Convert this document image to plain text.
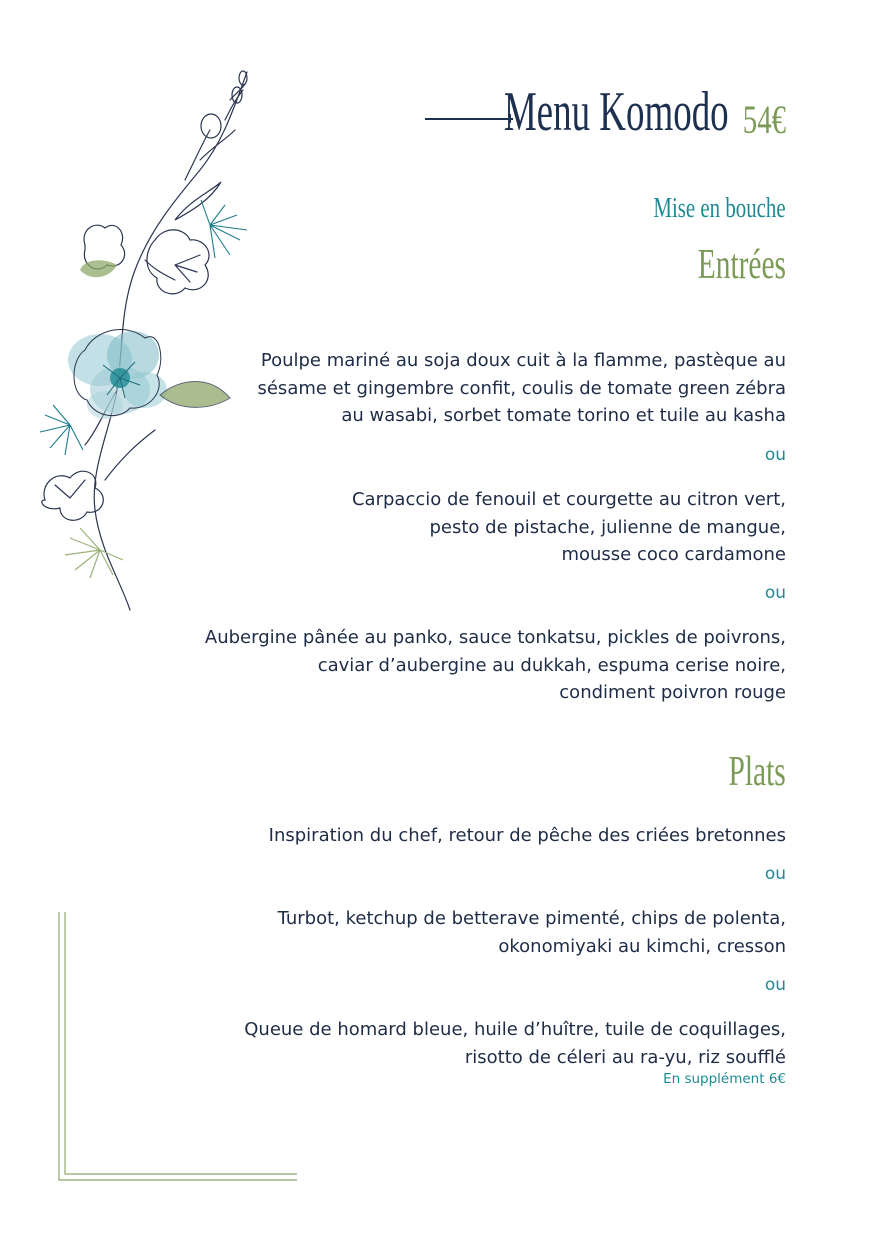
Menu Komodo 54€
Mise en bouche
Entrées

Poulpe mariné au soja doux cuit à la flamme, pastèque au
sésame et gingembre confit, coulis de tomate green zébra
au wasabi, sorbet tomate torino et tuile au kasha

ou

Carpaccio de fenouil et courgette au citron vert,
pesto de pistache, julienne de mangue,
mousse coco cardamone

ou

Aubergine pânée au panko, sauce tonkatsu, pickles de poivrons,
caviar d’aubergine au dukkah, espuma cerise noire,
condiment poivron rouge

Plats

Inspiration du chef, retour de pêche des criées bretonnes

ou

Turbot, ketchup de betterave pimenté, chips de polenta,
okonomiyaki au kimchi, cresson

ou

Queue de homard bleue, huile d’huître, tuile de coquillages,
risotto de céleri au ra-yu, riz soufflé

En supplément 6€
